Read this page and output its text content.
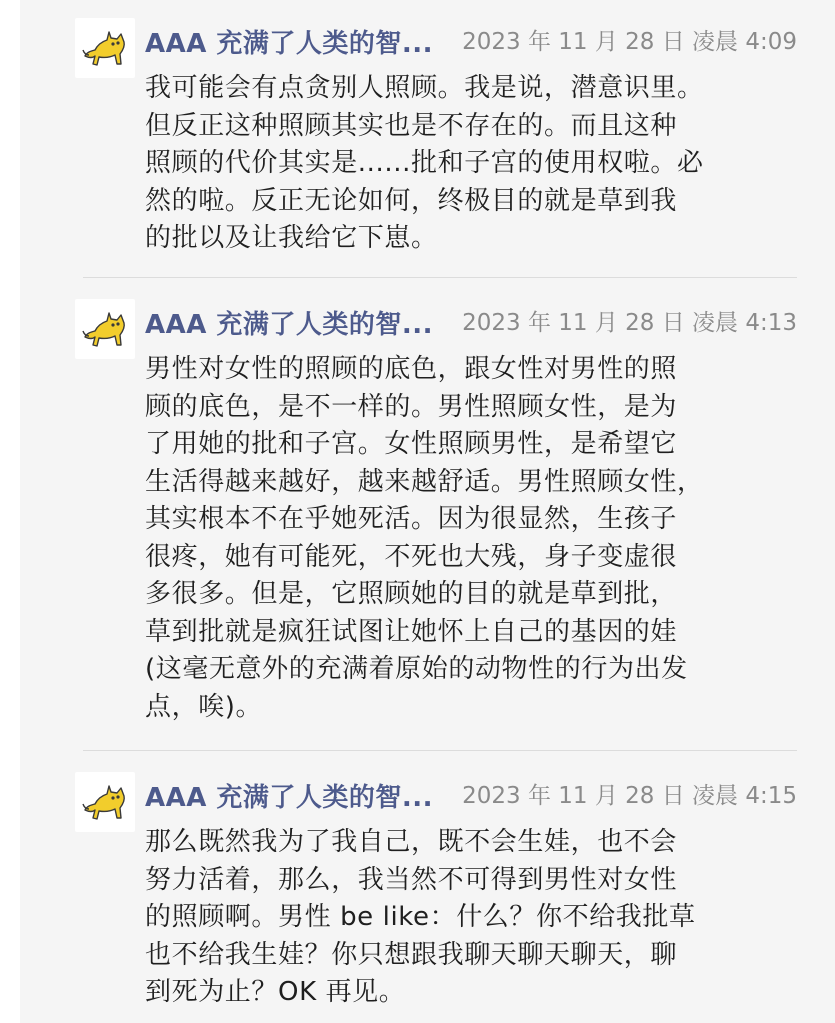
AAA 充满了人类的智... 2023 年 11 月 28 日 凌晨 4:09
我可能会有点贪别人照顾。我是说，潜意识里。
但反正这种照顾其实也是不存在的。而且这种
照顾的代价其实是......批和子宫的使用权啦。必
然的啦。反正无论如何，终极目的就是草到我
的批以及让我给它下崽。
AAA 充满了人类的智... 2023 年 11 月 28 日 凌晨 4:13
男性对女性的照顾的底色，跟女性对男性的照
顾的底色，是不一样的。男性照顾女性，是为
了用她的批和子宫。女性照顾男性，是希望它
生活得越来越好，越来越舒适。男性照顾女性，
其实根本不在乎她死活。因为很显然，生孩子
很疼，她有可能死，不死也大残，身子变虚很
多很多。但是，它照顾她的目的就是草到批，
草到批就是疯狂试图让她怀上自己的基因的娃
(这毫无意外的充满着原始的动物性的行为出发
点，唉)。
AAA 充满了人类的智... 2023 年 11 月 28 日 凌晨 4:15
那么既然我为了我自己，既不会生娃，也不会
努力活着，那么，我当然不可得到男性对女性
的照顾啊。男性 be like：什么？你不给我批草
也不给我生娃？你只想跟我聊天聊天聊天，聊
到死为止？OK 再见。
